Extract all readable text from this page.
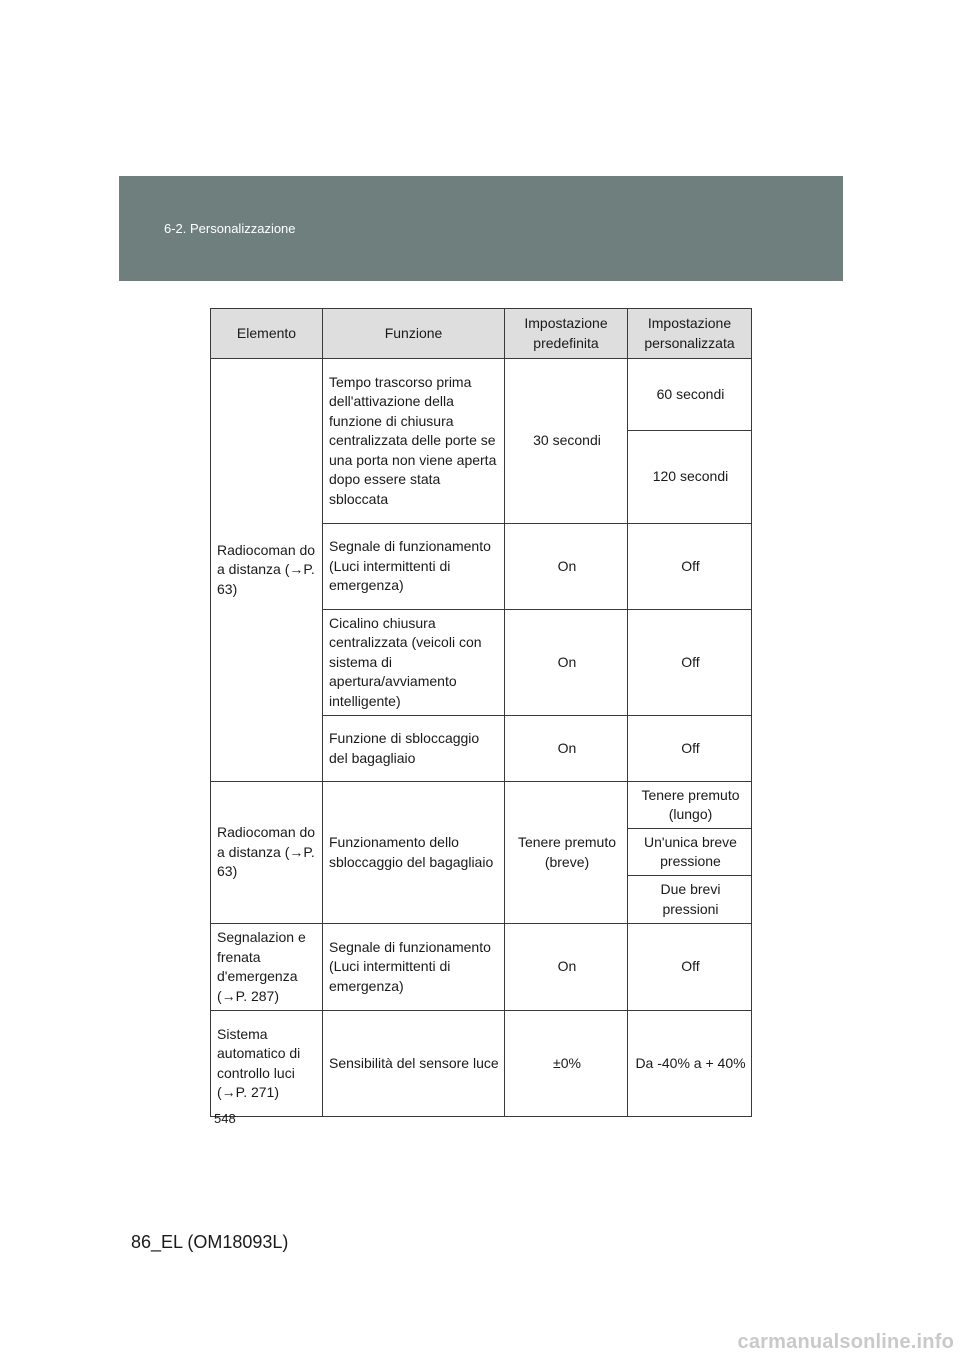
6-2. Personalizzazione
Elemento	Funzione	Impostazione predefinita	Impostazione personalizzata
Radiocoman do a distanza (→P. 63)	Tempo trascorso prima dell'attivazione della funzione di chiusura centralizzata delle porte se una porta non viene aperta dopo essere stata sbloccata	30 secondi	60 secondi
			120 secondi
	Segnale di funzionamento (Luci intermittenti di emergenza)	On	Off
	Cicalino chiusura centralizzata (veicoli con sistema di apertura/avviamento intelligente)	On	Off
	Funzione di sbloccaggio del bagagliaio	On	Off
Radiocoman do a distanza (→P. 63)	Funzionamento dello sbloccaggio del bagagliaio	Tenere premuto (breve)	Tenere premuto (lungo)
			Un'unica breve pressione
			Due brevi pressioni
Segnalazion e frenata d'emergenza (→P. 287)	Segnale di funzionamento (Luci intermittenti di emergenza)	On	Off
Sistema automatico di controllo luci (→P. 271)	Sensibilità del sensore luce	±0%	Da -40% a + 40%
548
86_EL (OM18093L)
carmanualsonline.info
